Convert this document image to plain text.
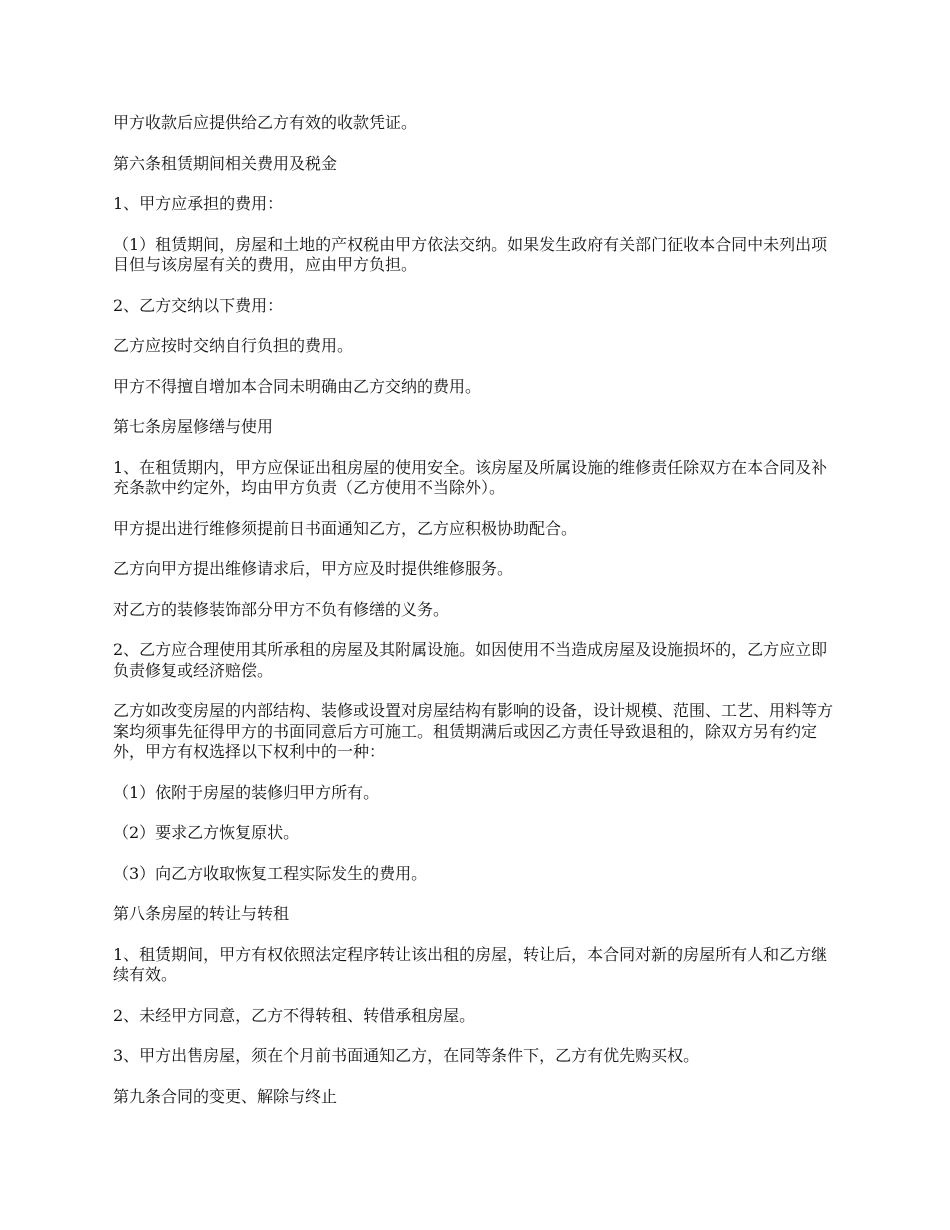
甲方收款后应提供给乙方有效的收款凭证。

第六条租赁期间相关费用及税金

1、甲方应承担的费用：

（1）租赁期间，房屋和土地的产权税由甲方依法交纳。如果发生政府有关部门征收本合同中未列出项目但与该房屋有关的费用，应由甲方负担。

2、乙方交纳以下费用：

乙方应按时交纳自行负担的费用。

甲方不得擅自增加本合同未明确由乙方交纳的费用。

第七条房屋修缮与使用

1、在租赁期内，甲方应保证出租房屋的使用安全。该房屋及所属设施的维修责任除双方在本合同及补充条款中约定外，均由甲方负责（乙方使用不当除外）。

甲方提出进行维修须提前日书面通知乙方，乙方应积极协助配合。

乙方向甲方提出维修请求后，甲方应及时提供维修服务。

对乙方的装修装饰部分甲方不负有修缮的义务。

2、乙方应合理使用其所承租的房屋及其附属设施。如因使用不当造成房屋及设施损坏的，乙方应立即负责修复或经济赔偿。

乙方如改变房屋的内部结构、装修或设置对房屋结构有影响的设备，设计规模、范围、工艺、用料等方案均须事先征得甲方的书面同意后方可施工。租赁期满后或因乙方责任导致退租的，除双方另有约定外，甲方有权选择以下权利中的一种：

（1）依附于房屋的装修归甲方所有。

（2）要求乙方恢复原状。

（3）向乙方收取恢复工程实际发生的费用。

第八条房屋的转让与转租

1、租赁期间，甲方有权依照法定程序转让该出租的房屋，转让后，本合同对新的房屋所有人和乙方继续有效。

2、未经甲方同意，乙方不得转租、转借承租房屋。

3、甲方出售房屋，须在个月前书面通知乙方，在同等条件下，乙方有优先购买权。

第九条合同的变更、解除与终止
